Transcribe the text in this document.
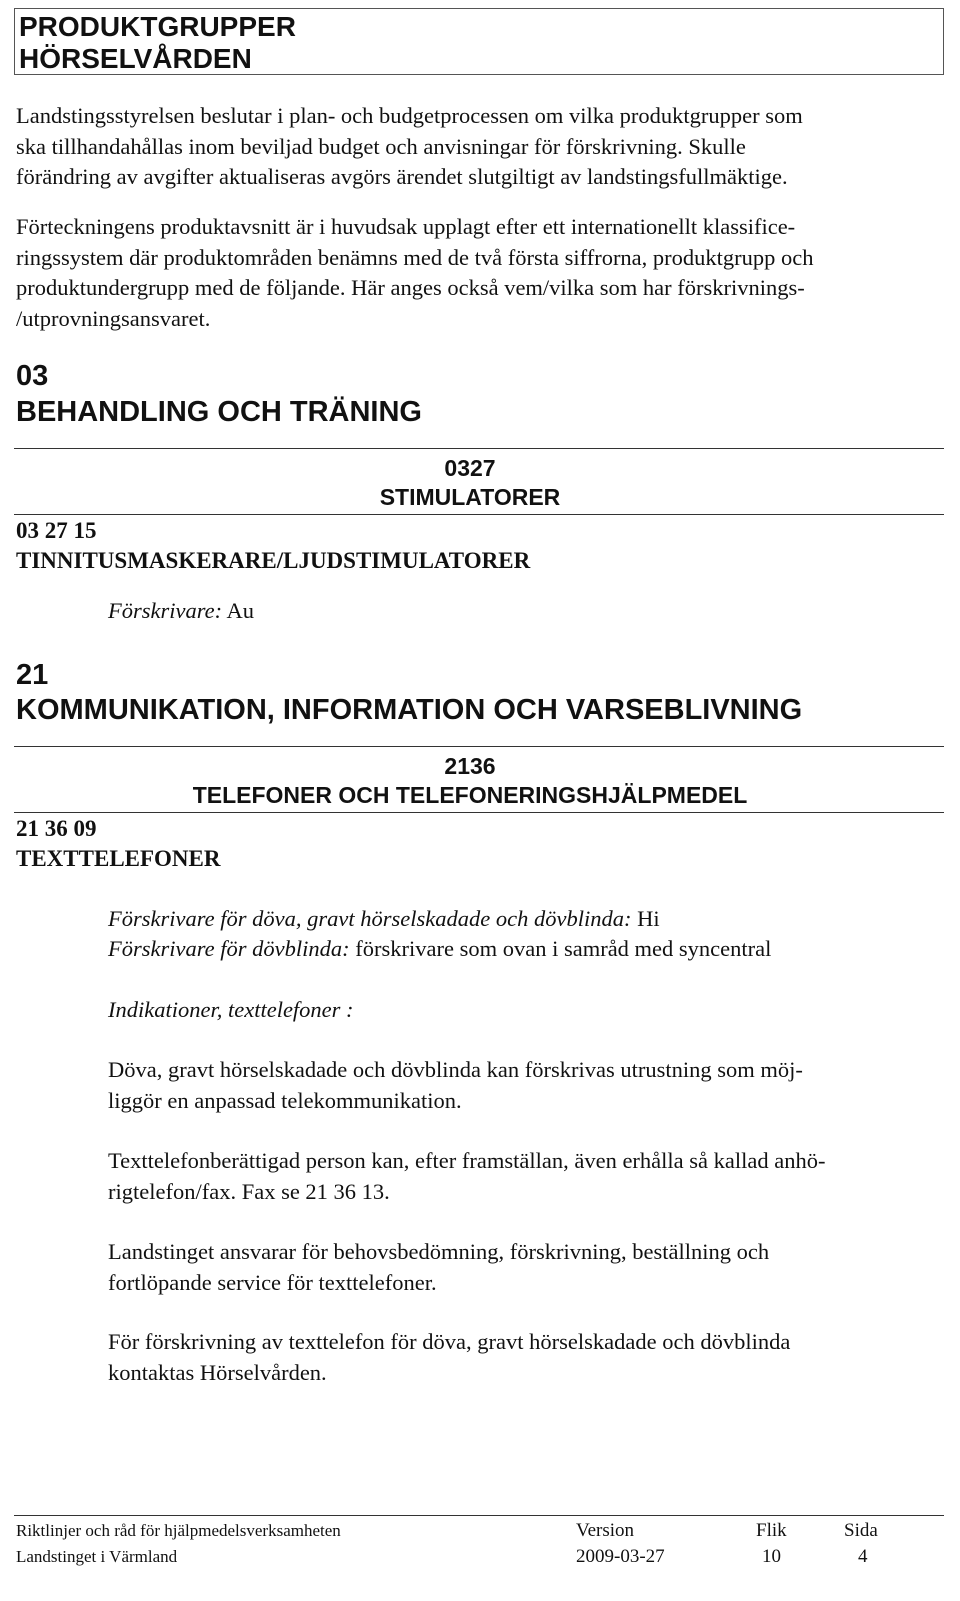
PRODUKTGRUPPER
HÖRSELVÅRDEN
Landstingsstyrelsen beslutar i plan- och budgetprocessen om vilka produktgrupper som
ska tillhandahållas inom beviljad budget och anvisningar för förskrivning. Skulle
förändring av avgifter aktualiseras avgörs ärendet slutgiltigt av landstingsfullmäktige.
Förteckningens produktavsnitt är i huvudsak upplagt efter ett internationellt klassifice-
ringssystem där produktområden benämns med de två första siffrorna, produktgrupp och
produktundergrupp med de följande. Här anges också vem/vilka som har förskrivnings-
/utprovningsansvaret.
03
BEHANDLING OCH TRÄNING
0327
STIMULATORER
03 27 15
TINNITUSMASKERARE/LJUDSTIMULATORER
Förskrivare: Au
21
KOMMUNIKATION, INFORMATION OCH VARSEBLIVNING
2136
TELEFONER OCH TELEFONERINGSHJÄLPMEDEL
21 36 09
TEXTTELEFONER
Förskrivare för döva, gravt hörselskadade och dövblinda: Hi
Förskrivare för dövblinda: förskrivare som ovan i samråd med syncentral
Indikationer, texttelefoner :
Döva, gravt hörselskadade och dövblinda kan förskrivas utrustning som möj-
liggör en anpassad telekommunikation.
Texttelefonberättigad person kan, efter framställan, även erhålla så kallad anhö-
rigtelefon/fax. Fax se 21 36 13.
Landstinget ansvarar för behovsbedömning, förskrivning, beställning och
fortlöpande service för texttelefoner.
För förskrivning av texttelefon för döva, gravt hörselskadade och dövblinda
kontaktas Hörselvården.
Riktlinjer och råd för hjälpmedelsverksamheten
Landstinget i Värmland
Version
2009-03-27
Flik
10
Sida
4
